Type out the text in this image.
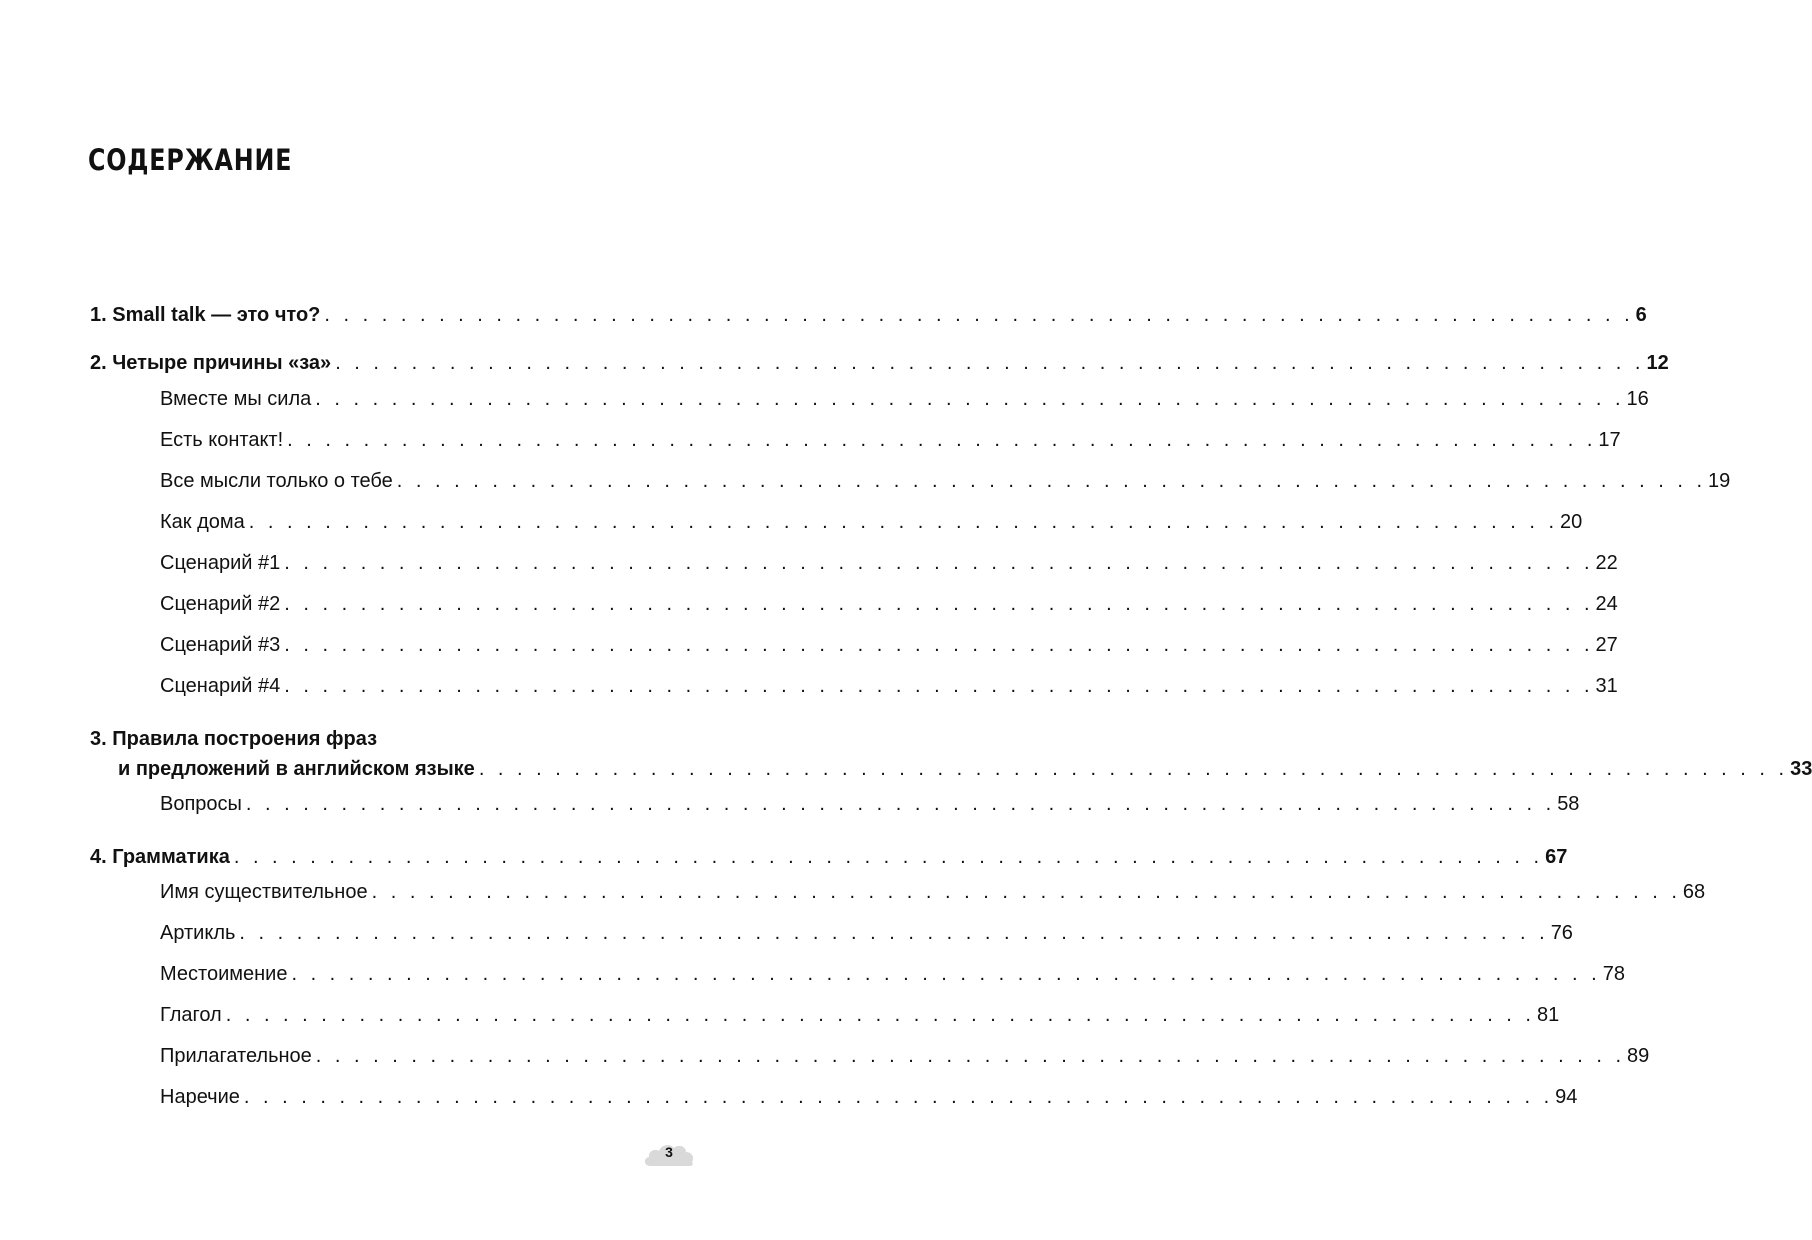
СОДЕРЖАНИЕ
1. Small talk — это что? . . . . . . . . . . . . . . . . . . . . . . . . . . . . . . . . . . . . . . . . . . . . . . . . . . . . . . . . . . . . . . . . . . . . . 6
2. Четыре причины «за» . . . . . . . . . . . . . . . . . . . . . . . . . . . . . . . . . . . . . . . . . . . . . . . . . . . . . . . . . . . . . . . . . . . . . 12
Вместе мы сила . . . . . . . . . . . . . . . . . . . . . . . . . . . . . . . . . . . . . . . . . . . . . . . . . . . . . . . . . . . . . . . . . . . . . 16
Есть контакт! . . . . . . . . . . . . . . . . . . . . . . . . . . . . . . . . . . . . . . . . . . . . . . . . . . . . . . . . . . . . . . . . . . . . . 17
Все мысли только о тебе . . . . . . . . . . . . . . . . . . . . . . . . . . . . . . . . . . . . . . . . . . . . . . . . . . . . . . . . . . . . . . . . . . . . . 19
Как дома . . . . . . . . . . . . . . . . . . . . . . . . . . . . . . . . . . . . . . . . . . . . . . . . . . . . . . . . . . . . . . . . . . . . . 20
Сценарий #1 . . . . . . . . . . . . . . . . . . . . . . . . . . . . . . . . . . . . . . . . . . . . . . . . . . . . . . . . . . . . . . . . . . . . . 22
Сценарий #2 . . . . . . . . . . . . . . . . . . . . . . . . . . . . . . . . . . . . . . . . . . . . . . . . . . . . . . . . . . . . . . . . . . . . . 24
Сценарий #3 . . . . . . . . . . . . . . . . . . . . . . . . . . . . . . . . . . . . . . . . . . . . . . . . . . . . . . . . . . . . . . . . . . . . . 27
Сценарий #4 . . . . . . . . . . . . . . . . . . . . . . . . . . . . . . . . . . . . . . . . . . . . . . . . . . . . . . . . . . . . . . . . . . . . . 31
3. Правила построения фраз
и предложений в английском языке . . . . . . . . . . . . . . . . . . . . . . . . . . . . . . . . . . . . . . . . . . . . . . . . . . . . . . . . . . . . . . . . . . . . . 33
Вопросы . . . . . . . . . . . . . . . . . . . . . . . . . . . . . . . . . . . . . . . . . . . . . . . . . . . . . . . . . . . . . . . . . . . . . 58
4. Грамматика . . . . . . . . . . . . . . . . . . . . . . . . . . . . . . . . . . . . . . . . . . . . . . . . . . . . . . . . . . . . . . . . . . . . . 67
Имя существительное . . . . . . . . . . . . . . . . . . . . . . . . . . . . . . . . . . . . . . . . . . . . . . . . . . . . . . . . . . . . . . . . . . . . . 68
Артикль . . . . . . . . . . . . . . . . . . . . . . . . . . . . . . . . . . . . . . . . . . . . . . . . . . . . . . . . . . . . . . . . . . . . . 76
Местоимение . . . . . . . . . . . . . . . . . . . . . . . . . . . . . . . . . . . . . . . . . . . . . . . . . . . . . . . . . . . . . . . . . . . . . 78
Глагол . . . . . . . . . . . . . . . . . . . . . . . . . . . . . . . . . . . . . . . . . . . . . . . . . . . . . . . . . . . . . . . . . . . . . 81
Прилагательное . . . . . . . . . . . . . . . . . . . . . . . . . . . . . . . . . . . . . . . . . . . . . . . . . . . . . . . . . . . . . . . . . . . . . 89
Наречие . . . . . . . . . . . . . . . . . . . . . . . . . . . . . . . . . . . . . . . . . . . . . . . . . . . . . . . . . . . . . . . . . . . . . 94
3
